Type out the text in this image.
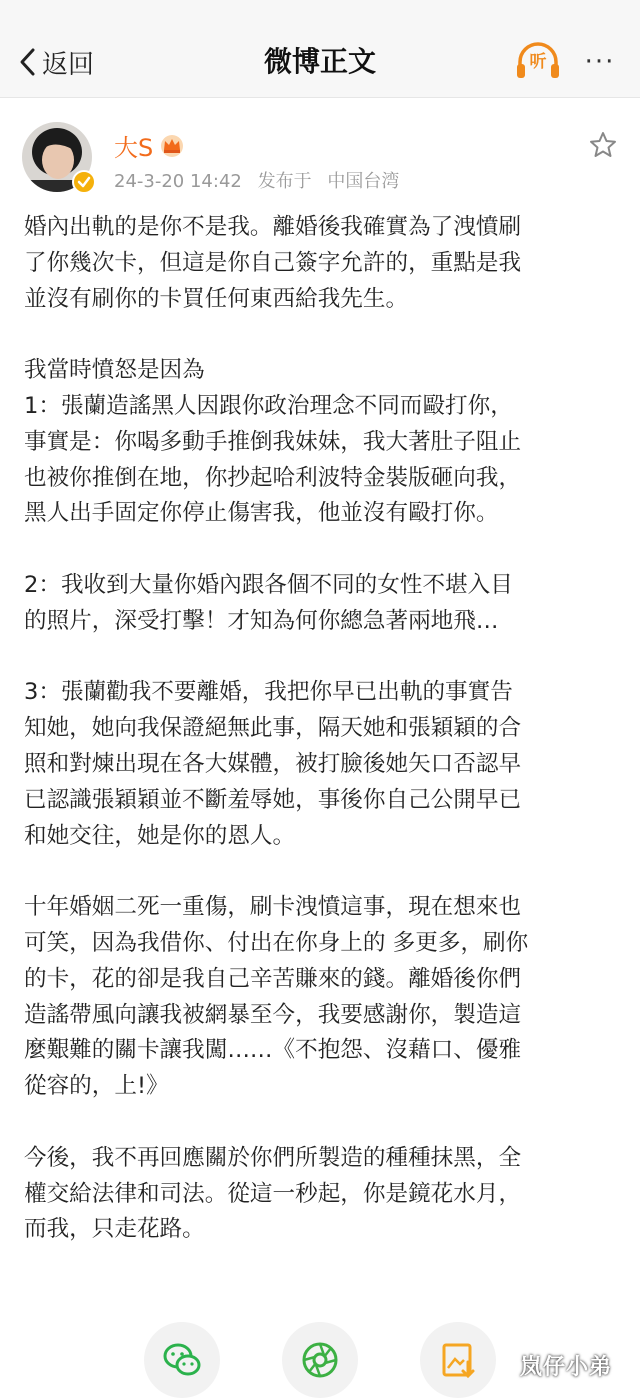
返回	微博正文	听 ···
大S
24-3-20 14:42 发布于 中国台湾
婚內出軌的是你不是我。離婚後我確實為了洩憤刷
了你幾次卡，但這是你自己簽字允許的，重點是我
並沒有刷你的卡買任何東西給我先生。
我當時憤怒是因為
1：張蘭造謠黑人因跟你政治理念不同而毆打你，
事實是：你喝多動手推倒我妹妹，我大著肚子阻止
也被你推倒在地，你抄起哈利波特金裝版砸向我，
黑人出手固定你停止傷害我，他並沒有毆打你。
2：我收到大量你婚內跟各個不同的女性不堪入目
的照片，深受打擊！才知為何你總急著兩地飛…
3：張蘭勸我不要離婚，我把你早已出軌的事實告
知她，她向我保證絕無此事，隔天她和張穎穎的合
照和對煉出現在各大媒體，被打臉後她矢口否認早
已認識張穎穎並不斷羞辱她，事後你自己公開早已
和她交往，她是你的恩人。
十年婚姻二死一重傷，刷卡洩憤這事，現在想來也
可笑，因為我借你、付出在你身上的 多更多，刷你
的卡，花的卻是我自己辛苦賺來的錢。離婚後你們
造謠帶風向讓我被網暴至今，我要感謝你，製造這
麼艱難的關卡讓我闖……《不抱怨、沒藉口、優雅
從容的，上!》
今後，我不再回應關於你們所製造的種種抹黑，全
權交給法律和司法。從這一秒起，你是鏡花水月，
而我，只走花路。
岚仔小弟
